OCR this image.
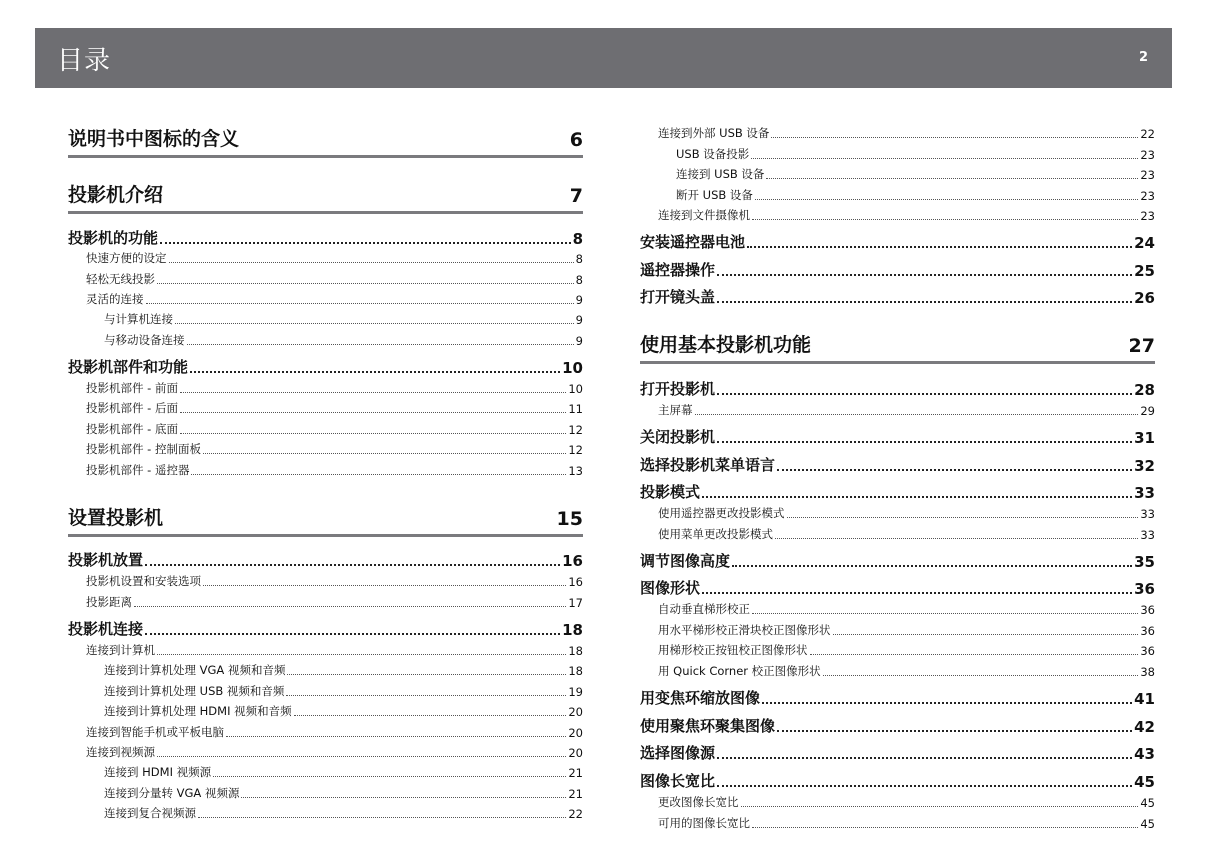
目录	2
说明书中图标的含义	6
投影机介绍	7
投影机的功能	8
快速方便的设定	8
轻松无线投影	8
灵活的连接	9
与计算机连接	9
与移动设备连接	9
投影机部件和功能	10
投影机部件 - 前面	10
投影机部件 - 后面	11
投影机部件 - 底面	12
投影机部件 - 控制面板	12
投影机部件 - 遥控器	13
设置投影机	15
投影机放置	16
投影机设置和安装选项	16
投影距离	17
投影机连接	18
连接到计算机	18
连接到计算机处理 VGA 视频和音频	18
连接到计算机处理 USB 视频和音频	19
连接到计算机处理 HDMI 视频和音频	20
连接到智能手机或平板电脑	20
连接到视频源	20
连接到 HDMI 视频源	21
连接到分量转 VGA 视频源	21
连接到复合视频源	22
连接到外部 USB 设备	22
USB 设备投影	23
连接到 USB 设备	23
断开 USB 设备	23
连接到文件摄像机	23
安装遥控器电池	24
遥控器操作	25
打开镜头盖	26
使用基本投影机功能	27
打开投影机	28
主屏幕	29
关闭投影机	31
选择投影机菜单语言	32
投影模式	33
使用遥控器更改投影模式	33
使用菜单更改投影模式	33
调节图像高度	35
图像形状	36
自动垂直梯形校正	36
用水平梯形校正滑块校正图像形状	36
用梯形校正按钮校正图像形状	36
用 Quick Corner 校正图像形状	38
用变焦环缩放图像	41
使用聚焦环聚集图像	42
选择图像源	43
图像长宽比	45
更改图像长宽比	45
可用的图像长宽比	45
